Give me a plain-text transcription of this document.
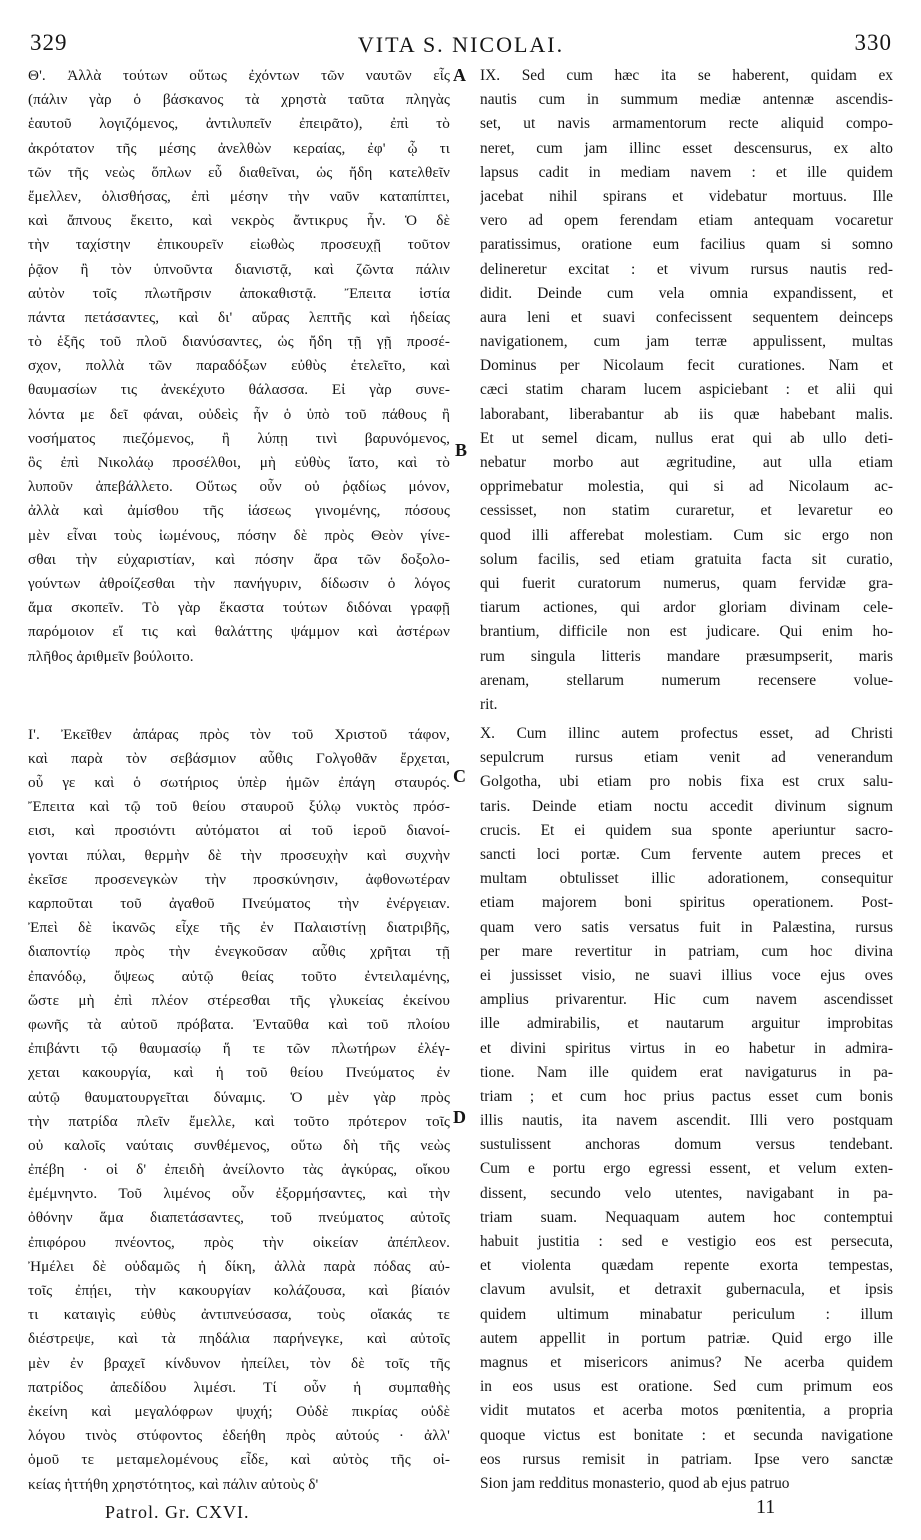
329	VITA S. NICOLAI.	330
Θ'. Ἀλλὰ τούτων οὕτως ἐχόντων τῶν ναυτῶν εἷς
(πάλιν γὰρ ὁ βάσκανος τὰ χρηστὰ ταῦτα πληγὰς
ἑαυτοῦ λογιζόμενος, ἀντιλυπεῖν ἐπειρᾶτο), ἐπὶ τὸ
ἀκρότατον τῆς μέσης ἀνελθὼν κεραίας, ἐφ' ᾧ τι
τῶν τῆς νεὼς ὅπλων εὖ διαθεῖναι, ὡς ἤδη κατελθεῖν
ἔμελλεν, ὀλισθήσας, ἐπὶ μέσην τὴν ναῦν καταπίπτει,
καὶ ἄπνους ἔκειτο, καὶ νεκρὸς ἄντικρυς ἦν. Ὁ δὲ
τὴν ταχίστην ἐπικουρεῖν εἰωθὼς προσευχῇ τοῦτον
ῥᾷον ἢ τὸν ὑπνοῦντα διανιστᾷ, καὶ ζῶντα πάλιν
αὐτὸν τοῖς πλωτῆρσιν ἀποκαθιστᾷ. Ἔπειτα ἱστία
πάντα πετάσαντες, καὶ δι' αὔρας λεπτῆς καὶ ἡδείας
τὸ ἑξῆς τοῦ πλοῦ διανύσαντες, ὡς ἤδη τῇ γῇ προσέ-
σχον, πολλὰ τῶν παραδόξων εὐθὺς ἐτελεῖτο, καὶ
θαυμασίων τις ἀνεκέχυτο θάλασσα. Εἰ γὰρ συνε-
λόντα με δεῖ φάναι, οὐδεὶς ἦν ὁ ὑπὸ τοῦ πάθους ἢ
νοσήματος πιεζόμενος, ἢ λύπῃ τινὶ βαρυνόμενος,
ὃς ἐπὶ Νικολάῳ προσέλθοι, μὴ εὐθὺς ἴατο, καὶ τὸ
λυποῦν ἀπεβάλλετο. Οὕτως οὖν οὐ ῥᾳδίως μόνον,
ἀλλὰ καὶ ἀμίσθου τῆς ἰάσεως γινομένης, πόσους
μὲν εἶναι τοὺς ἰωμένους, πόσην δὲ πρὸς Θεὸν γίνε-
σθαι τὴν εὐχαριστίαν, καὶ πόσην ἄρα τῶν δοξολο-
γούντων ἀθροίζεσθαι τὴν πανήγυριν, δίδωσιν ὁ λόγος
ἅμα σκοπεῖν. Τὸ γὰρ ἕκαστα τούτων διδόναι γραφῇ
παρόμοιον εἴ τις καὶ θαλάττης ψάμμον καὶ ἀστέρων
πλῆθος ἀριθμεῖν βούλοιτο.
Ι'. Ἐκεῖθεν ἀπάρας πρὸς τὸν τοῦ Χριστοῦ τάφον,
καὶ παρὰ τὸν σεβάσμιον αὖθις Γολγοθᾶν ἔρχεται,
οὗ γε καὶ ὁ σωτήριος ὑπὲρ ἡμῶν ἐπάγη σταυρός.
Ἔπειτα καὶ τῷ τοῦ θείου σταυροῦ ξύλῳ νυκτὸς πρόσ-
εισι, καὶ προσιόντι αὐτόματοι αἱ τοῦ ἱεροῦ διανοί-
γονται πύλαι, θερμὴν δὲ τὴν προσευχὴν καὶ συχνὴν
ἐκεῖσε προσενεγκὼν τὴν προσκύνησιν, ἀφθονωτέραν
καρποῦται τοῦ ἀγαθοῦ Πνεύματος τὴν ἐνέργειαν.
Ἐπεὶ δὲ ἱκανῶς εἶχε τῆς ἐν Παλαιστίνῃ διατριβῆς,
διαποντίῳ πρὸς τὴν ἐνεγκοῦσαν αὖθις χρῆται τῇ
ἐπανόδῳ, ὄψεως αὐτῷ θείας τοῦτο ἐντειλαμένης,
ὥστε μὴ ἐπὶ πλέον στέρεσθαι τῆς γλυκείας ἐκείνου
φωνῆς τὰ αὐτοῦ πρόβατα. Ἐνταῦθα καὶ τοῦ πλοίου
ἐπιβάντι τῷ θαυμασίῳ ἥ τε τῶν πλωτήρων ἐλέγ-
χεται κακουργία, καὶ ἡ τοῦ θείου Πνεύματος ἐν
αὐτῷ θαυματουργεῖται δύναμις. Ὁ μὲν γὰρ πρὸς
τὴν πατρίδα πλεῖν ἔμελλε, καὶ τοῦτο πρότερον τοῖς
οὐ καλοῖς ναύταις συνθέμενος, οὕτω δὴ τῆς νεὼς
ἐπέβη · οἱ δ' ἐπειδὴ ἀνείλοντο τὰς ἀγκύρας, οἴκου
ἐμέμνηντο. Τοῦ λιμένος οὖν ἐξορμήσαντες, καὶ τὴν
ὀθόνην ἅμα διαπετάσαντες, τοῦ πνεύματος αὐτοῖς
ἐπιφόρου πνέοντος, πρὸς τὴν οἰκείαν ἀπέπλεον.
Ἠμέλει δὲ οὐδαμῶς ἡ δίκη, ἀλλὰ παρὰ πόδας αὐ-
τοῖς ἐπῄει, τὴν κακουργίαν κολάζουσα, καὶ βίαιόν
τι καταιγὶς εὐθὺς ἀντιπνεύσασα, τοὺς οἴακάς τε
διέστρεψε, καὶ τὰ πηδάλια παρήνεγκε, καὶ αὐτοῖς
μὲν ἐν βραχεῖ κίνδυνον ἠπείλει, τὸν δὲ τοῖς τῆς
πατρίδος ἀπεδίδου λιμέσι. Τί οὖν ἡ συμπαθὴς
ἐκείνη καὶ μεγαλόφρων ψυχή; Οὐδὲ πικρίας οὐδὲ
λόγου τινὸς στύφοντος ἐδεήθη πρὸς αὐτούς · ἀλλ'
ὁμοῦ τε μεταμελομένους εἶδε, καὶ αὐτὸς τῆς οἰ-
κείας ἡττήθη χρηστότητος, καὶ πάλιν αὐτοὺς δ'
IX. Sed cum hæc ita se haberent, quidam ex
nautis cum in summum mediæ antennæ ascendis-
set, ut navis armamentorum recte aliquid compo-
neret, cum jam illinc esset descensurus, ex alto
lapsus cadit in mediam navem : et ille quidem
jacebat nihil spirans et videbatur mortuus. Ille
vero ad opem ferendam etiam antequam vocaretur
paratissimus, oratione eum facilius quam si somno
delineretur excitat : et vivum rursus nautis red-
didit. Deinde cum vela omnia expandissent, et
aura leni et suavi confecissent sequentem deinceps
navigationem, cum jam terræ appulissent, multas
Dominus per Nicolaum fecit curationes. Nam et
cæci statim charam lucem aspiciebant : et alii qui
laborabant, liberabantur ab iis quæ habebant malis.
Et ut semel dicam, nullus erat qui ab ullo deti-
nebatur morbo aut ægritudine, aut ulla etiam
opprimebatur molestia, qui si ad Nicolaum ac-
cessisset, non statim curaretur, et levaretur eo
quod illi afferebat molestiam. Cum sic ergo non
solum facilis, sed etiam gratuita facta sit curatio,
qui fuerit curatorum numerus, quam fervidæ gra-
tiarum actiones, qui ardor gloriam divinam cele-
brantium, difficile non est judicare. Qui enim ho-
rum singula litteris mandare præsumpserit, maris
arenam, stellarum numerum recensere volue-
rit.
X. Cum illinc autem profectus esset, ad Christi
sepulcrum rursus etiam venit ad venerandum
Golgotha, ubi etiam pro nobis fixa est crux salu-
taris. Deinde etiam noctu accedit divinum signum
crucis. Et ei quidem sua sponte aperiuntur sacro-
sancti loci portæ. Cum fervente autem preces et
multam obtulisset illic adorationem, consequitur
etiam majorem boni spiritus operationem. Post-
quam vero satis versatus fuit in Palæstina, rursus
per mare revertitur in patriam, cum hoc divina
ei jussisset visio, ne suavi illius voce ejus oves
amplius privarentur. Hic cum navem ascendisset
ille admirabilis, et nautarum arguitur improbitas
et divini spiritus virtus in eo habetur in admira-
tione. Nam ille quidem erat navigaturus in pa-
triam ; et cum hoc prius pactus esset cum bonis
illis nautis, ita navem ascendit. Illi vero postquam
sustulissent anchoras domum versus tendebant.
Cum e portu ergo egressi essent, et velum exten-
dissent, secundo velo utentes, navigabant in pa-
triam suam. Nequaquam autem hoc contemptui
habuit justitia : sed e vestigio eos est persecuta,
et violenta quædam repente exorta tempestas,
clavum avulsit, et detraxit gubernacula, et ipsis
quidem ultimum minabatur periculum : illum
autem appellit in portum patriæ. Quid ergo ille
magnus et misericors animus? Ne acerba quidem
in eos usus est oratione. Sed cum primum eos
vidit mutatos et acerba motos pœnitentia, a propria
quoque victus est bonitate : et secunda navigatione
eos rursus remisit in patriam. Ipse vero sanctæ
Sion jam redditus monasterio, quod ab ejus patruo
A
B
C
D
Patrol. Gr. CXVI.	11
